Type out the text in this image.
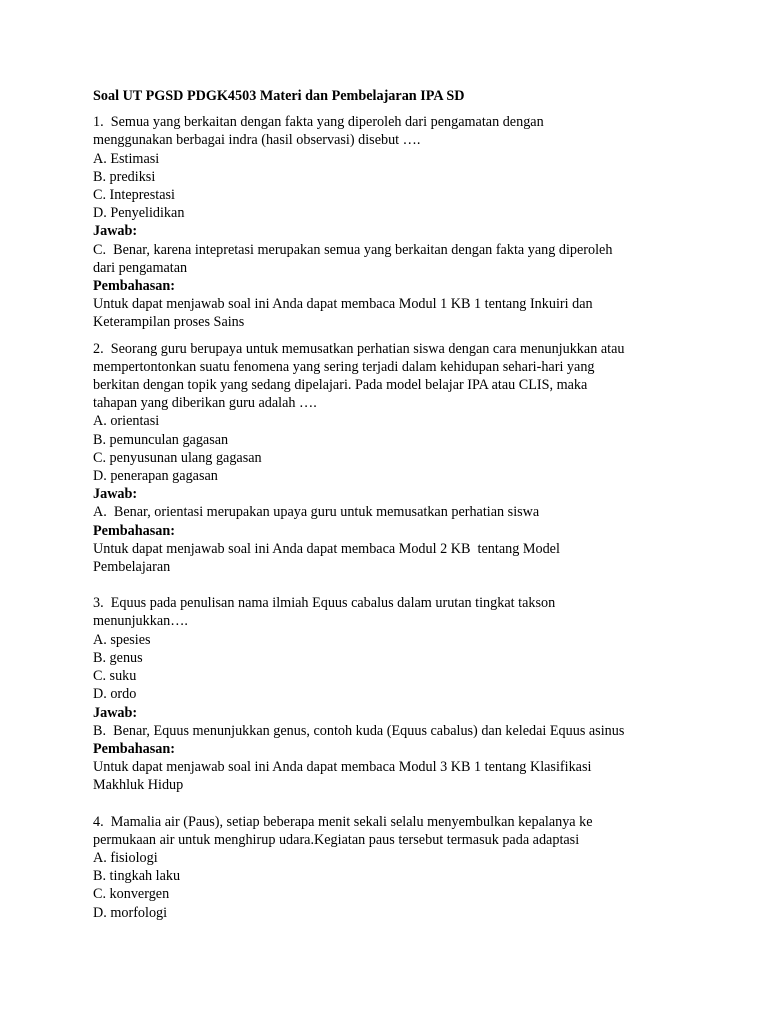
Soal UT PGSD PDGK4503 Materi dan Pembelajaran IPA SD
1.  Semua yang berkaitan dengan fakta yang diperoleh dari pengamatan dengan
menggunakan berbagai indra (hasil observasi) disebut ….
A. Estimasi
B. prediksi
C. Inteprestasi
D. Penyelidikan
Jawab:
C.  Benar, karena intepretasi merupakan semua yang berkaitan dengan fakta yang diperoleh
dari pengamatan
Pembahasan:
Untuk dapat menjawab soal ini Anda dapat membaca Modul 1 KB 1 tentang Inkuiri dan
Keterampilan proses Sains
2.  Seorang guru berupaya untuk memusatkan perhatian siswa dengan cara menunjukkan atau
mempertontonkan suatu fenomena yang sering terjadi dalam kehidupan sehari-hari yang
berkitan dengan topik yang sedang dipelajari. Pada model belajar IPA atau CLIS, maka
tahapan yang diberikan guru adalah ….
A. orientasi
B. pemunculan gagasan
C. penyusunan ulang gagasan
D. penerapan gagasan
Jawab:
A.  Benar, orientasi merupakan upaya guru untuk memusatkan perhatian siswa
Pembahasan:
Untuk dapat menjawab soal ini Anda dapat membaca Modul 2 KB  tentang Model
Pembelajaran
3.  Equus pada penulisan nama ilmiah Equus cabalus dalam urutan tingkat takson
menunjukkan….
A. spesies
B. genus
C. suku
D. ordo
Jawab:
B.  Benar, Equus menunjukkan genus, contoh kuda (Equus cabalus) dan keledai Equus asinus
Pembahasan:
Untuk dapat menjawab soal ini Anda dapat membaca Modul 3 KB 1 tentang Klasifikasi
Makhluk Hidup
4.  Mamalia air (Paus), setiap beberapa menit sekali selalu menyembulkan kepalanya ke
permukaan air untuk menghirup udara.Kegiatan paus tersebut termasuk pada adaptasi
A. fisiologi
B. tingkah laku
C. konvergen
D. morfologi
